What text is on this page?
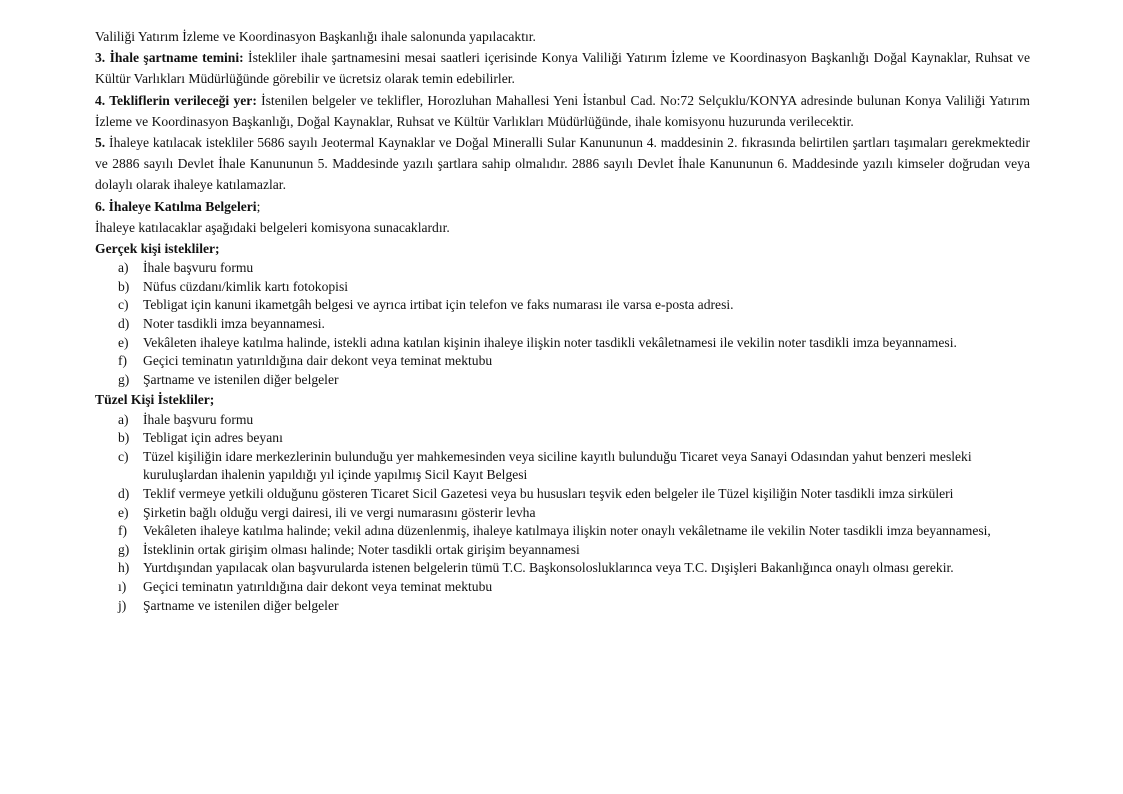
Valiliği Yatırım İzleme ve Koordinasyon Başkanlığı ihale salonunda yapılacaktır.

3. İhale şartname temini: İstekliler ihale şartnamesini mesai saatleri içerisinde Konya Valiliği Yatırım İzleme ve Koordinasyon Başkanlığı Doğal Kaynaklar, Ruhsat ve Kültür Varlıkları Müdürlüğünde görebilir ve ücretsiz olarak temin edebilirler.

4. Tekliflerin verileceği yer: İstenilen belgeler ve teklifler, Horozluhan Mahallesi Yeni İstanbul Cad. No:72 Selçuklu/KONYA adresinde bulunan Konya Valiliği Yatırım İzleme ve Koordinasyon Başkanlığı, Doğal Kaynaklar, Ruhsat ve Kültür Varlıkları Müdürlüğünde, ihale komisyonu huzurunda verilecektir.

5. İhaleye katılacak istekliler 5686 sayılı Jeotermal Kaynaklar ve Doğal Mineralli Sular Kanununun 4. maddesinin 2. fıkrasında belirtilen şartları taşımaları gerekmektedir ve 2886 sayılı Devlet İhale Kanununun 5. Maddesinde yazılı şartlara sahip olmalıdır. 2886 sayılı Devlet İhale Kanununun 6. Maddesinde yazılı kimseler doğrudan veya dolaylı olarak ihaleye katılamazlar.

6. İhaleye Katılma Belgeleri;

İhaleye katılacaklar aşağıdaki belgeleri komisyona sunacaklardır.

Gerçek kişi istekliler;

a) İhale başvuru formu
b) Nüfus cüzdanı/kimlik kartı fotokopisi
c) Tebligat için kanuni ikametgâh belgesi ve ayrıca irtibat için telefon ve faks numarası ile varsa e-posta adresi.
d) Noter tasdikli imza beyannamesi.
e) Vekâleten ihaleye katılma halinde, istekli adına katılan kişinin ihaleye ilişkin noter tasdikli vekâletnamesi ile vekilin noter tasdikli imza beyannamesi.
f) Geçici teminatın yatırıldığına dair dekont veya teminat mektubu
g) Şartname ve istenilen diğer belgeler

Tüzel Kişi İstekliler;

a) İhale başvuru formu
b) Tebligat için adres beyanı
c) Tüzel kişiliğin idare merkezlerinin bulunduğu yer mahkemesinden veya siciline kayıtlı bulunduğu Ticaret veya Sanayi Odasından yahut benzeri mesleki kuruluşlardan ihalenin yapıldığı yıl içinde yapılmış Sicil Kayıt Belgesi
d) Teklif vermeye yetkili olduğunu gösteren Ticaret Sicil Gazetesi veya bu hususları teşvik eden belgeler ile Tüzel kişiliğin Noter tasdikli imza sirküleri
e) Şirketin bağlı olduğu vergi dairesi, ili ve vergi numarasını gösterir levha
f) Vekâleten ihaleye katılma halinde; vekil adına düzenlenmiş, ihaleye katılmaya ilişkin noter onaylı vekâletname ile vekilin Noter tasdikli imza beyannamesi,
g) İsteklinin ortak girişim olması halinde; Noter tasdikli ortak girişim beyannamesi
h) Yurtdışından yapılacak olan başvurularda istenen belgelerin tümü T.C. Başkonsolosluklarınca veya T.C. Dışişleri Bakanlığınca onaylı olması gerekir.
ı) Geçici teminatın yatırıldığına dair dekont veya teminat mektubu
j) Şartname ve istenilen diğer belgeler
